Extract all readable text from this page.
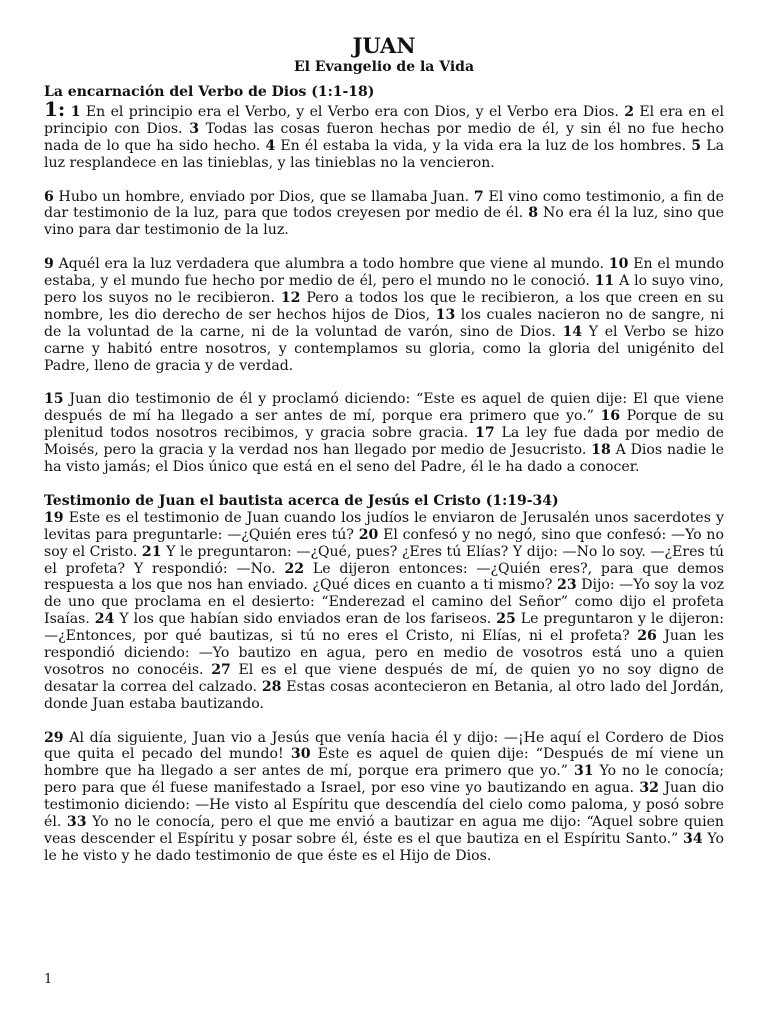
JUAN
El Evangelio de la Vida
La encarnación del Verbo de Dios (1:1-18)

1: 1 En el principio era el Verbo, y el Verbo era con Dios, y el Verbo era Dios. 2 El era en el principio con Dios. 3 Todas las cosas fueron hechas por medio de él, y sin él no fue hecho nada de lo que ha sido hecho. 4 En él estaba la vida, y la vida era la luz de los hombres. 5 La luz resplandece en las tinieblas, y las tinieblas no la vencieron.

6 Hubo un hombre, enviado por Dios, que se llamaba Juan. 7 El vino como testimonio, a fin de dar testimonio de la luz, para que todos creyesen por medio de él. 8 No era él la luz, sino que vino para dar testimonio de la luz.

9 Aquél era la luz verdadera que alumbra a todo hombre que viene al mundo. 10 En el mundo estaba, y el mundo fue hecho por medio de él, pero el mundo no le conoció. 11 A lo suyo vino, pero los suyos no le recibieron. 12 Pero a todos los que le recibieron, a los que creen en su nombre, les dio derecho de ser hechos hijos de Dios, 13 los cuales nacieron no de sangre, ni de la voluntad de la carne, ni de la voluntad de varón, sino de Dios. 14 Y el Verbo se hizo carne y habitó entre nosotros, y contemplamos su gloria, como la gloria del unigénito del Padre, lleno de gracia y de verdad.

15 Juan dio testimonio de él y proclamó diciendo: “Este es aquel de quien dije: El que viene después de mí ha llegado a ser antes de mí, porque era primero que yo.” 16 Porque de su plenitud todos nosotros recibimos, y gracia sobre gracia. 17 La ley fue dada por medio de Moisés, pero la gracia y la verdad nos han llegado por medio de Jesucristo. 18 A Dios nadie le ha visto jamás; el Dios único que está en el seno del Padre, él le ha dado a conocer.

Testimonio de Juan el bautista acerca de Jesús el Cristo (1:19-34)

19 Este es el testimonio de Juan cuando los judíos le enviaron de Jerusalén unos sacerdotes y levitas para preguntarle: —¿Quién eres tú? 20 El confesó y no negó, sino que confesó: —Yo no soy el Cristo. 21 Y le preguntaron: —¿Qué, pues? ¿Eres tú Elías? Y dijo: —No lo soy. —¿Eres tú el profeta? Y respondió: —No. 22 Le dijeron entonces: —¿Quién eres?, para que demos respuesta a los que nos han enviado. ¿Qué dices en cuanto a ti mismo? 23 Dijo: —Yo soy la voz de uno que proclama en el desierto: “Enderezad el camino del Señor” como dijo el profeta Isaías. 24 Y los que habían sido enviados eran de los fariseos. 25 Le preguntaron y le dijeron: —¿Entonces, por qué bautizas, si tú no eres el Cristo, ni Elías, ni el profeta? 26 Juan les respondió diciendo: —Yo bautizo en agua, pero en medio de vosotros está uno a quien vosotros no conocéis. 27 El es el que viene después de mí, de quien yo no soy digno de desatar la correa del calzado. 28 Estas cosas acontecieron en Betania, al otro lado del Jordán, donde Juan estaba bautizando.

29 Al día siguiente, Juan vio a Jesús que venía hacia él y dijo: —¡He aquí el Cordero de Dios que quita el pecado del mundo! 30 Este es aquel de quien dije: “Después de mí viene un hombre que ha llegado a ser antes de mí, porque era primero que yo.” 31 Yo no le conocía; pero para que él fuese manifestado a Israel, por eso vine yo bautizando en agua. 32 Juan dio testimonio diciendo: —He visto al Espíritu que descendía del cielo como paloma, y posó sobre él. 33 Yo no le conocía, pero el que me envió a bautizar en agua me dijo: “Aquel sobre quien veas descender el Espíritu y posar sobre él, éste es el que bautiza en el Espíritu Santo.” 34 Yo le he visto y he dado testimonio de que éste es el Hijo de Dios.

1
